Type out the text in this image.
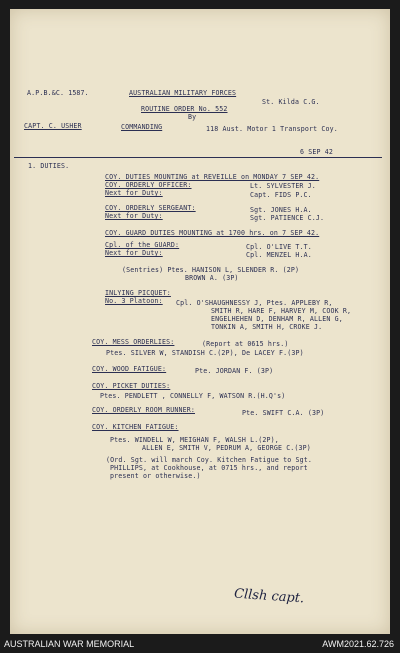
A.P.B.&C. 1587.	AUSTRALIAN MILITARY FORCES
St. Kilda C.G.
ROUTINE ORDER No. 552
By
CAPT. C. USHER	COMMANDING	118 Aust. Motor 1 Transport Coy.
6 SEP 42
1. DUTIES.
COY. DUTIES MOUNTING at REVEILLE on MONDAY 7 SEP 42.
COY. ORDERLY OFFICER:	Lt. SYLVESTER J.
Next for Duty:	Capt. FIDS P.C.
COY. ORDERLY SERGEANT:	Sgt. JONES H.A.
Next for Duty:	Sgt. PATIENCE C.J.
COY. GUARD DUTIES MOUNTING at 1700 hrs. on 7 SEP 42.
Cpl. of the GUARD:	Cpl. O'LIVE T.T.
Next for Duty:	Cpl. MENZEL H.A.
(Sentries) Ptes. HANISON L, SLENDER R. (2P)
BROWN A. (3P)
INLYING PICQUET:
No. 3 Platoon: Cpl. O'SHAUGHNESSY J, Ptes. APPLEBY R,
SMITH R, HARE F, HARVEY M, COOK R,
ENGELHEHEN D, DENHAM R, ALLEN G,
TONKIN A, SMITH H, CROKE J.
COY. MESS ORDERLIES:	(Report at 0615 hrs.)
Ptes. SILVER W, STANDISH C.(2P), De LACEY F.(3P)
COY. WOOD FATIGUE:	Pte. JORDAN F. (3P)
COY. PICKET DUTIES:
Ptes. PENDLETT , CONNELLY F, WATSON R.(H.Q's)
COY. ORDERLY ROOM RUNNER:	Pte. SWIFT C.A. (3P)
COY. KITCHEN FATIGUE:
Ptes. WINDELL W, MEIGHAN F, WALSH L.(2P),
ALLEN E, SMITH V, PEDRUM A, GEORGE C.(3P)
(Ord. Sgt. will march Coy. Kitchen Fatigue to Sgt.
PHILLIPS, at Cookhouse, at 0715 hrs., and report
present or otherwise.)
Cllsh capt.
AUSTRALIAN WAR MEMORIAL	AWM2021.62.726
